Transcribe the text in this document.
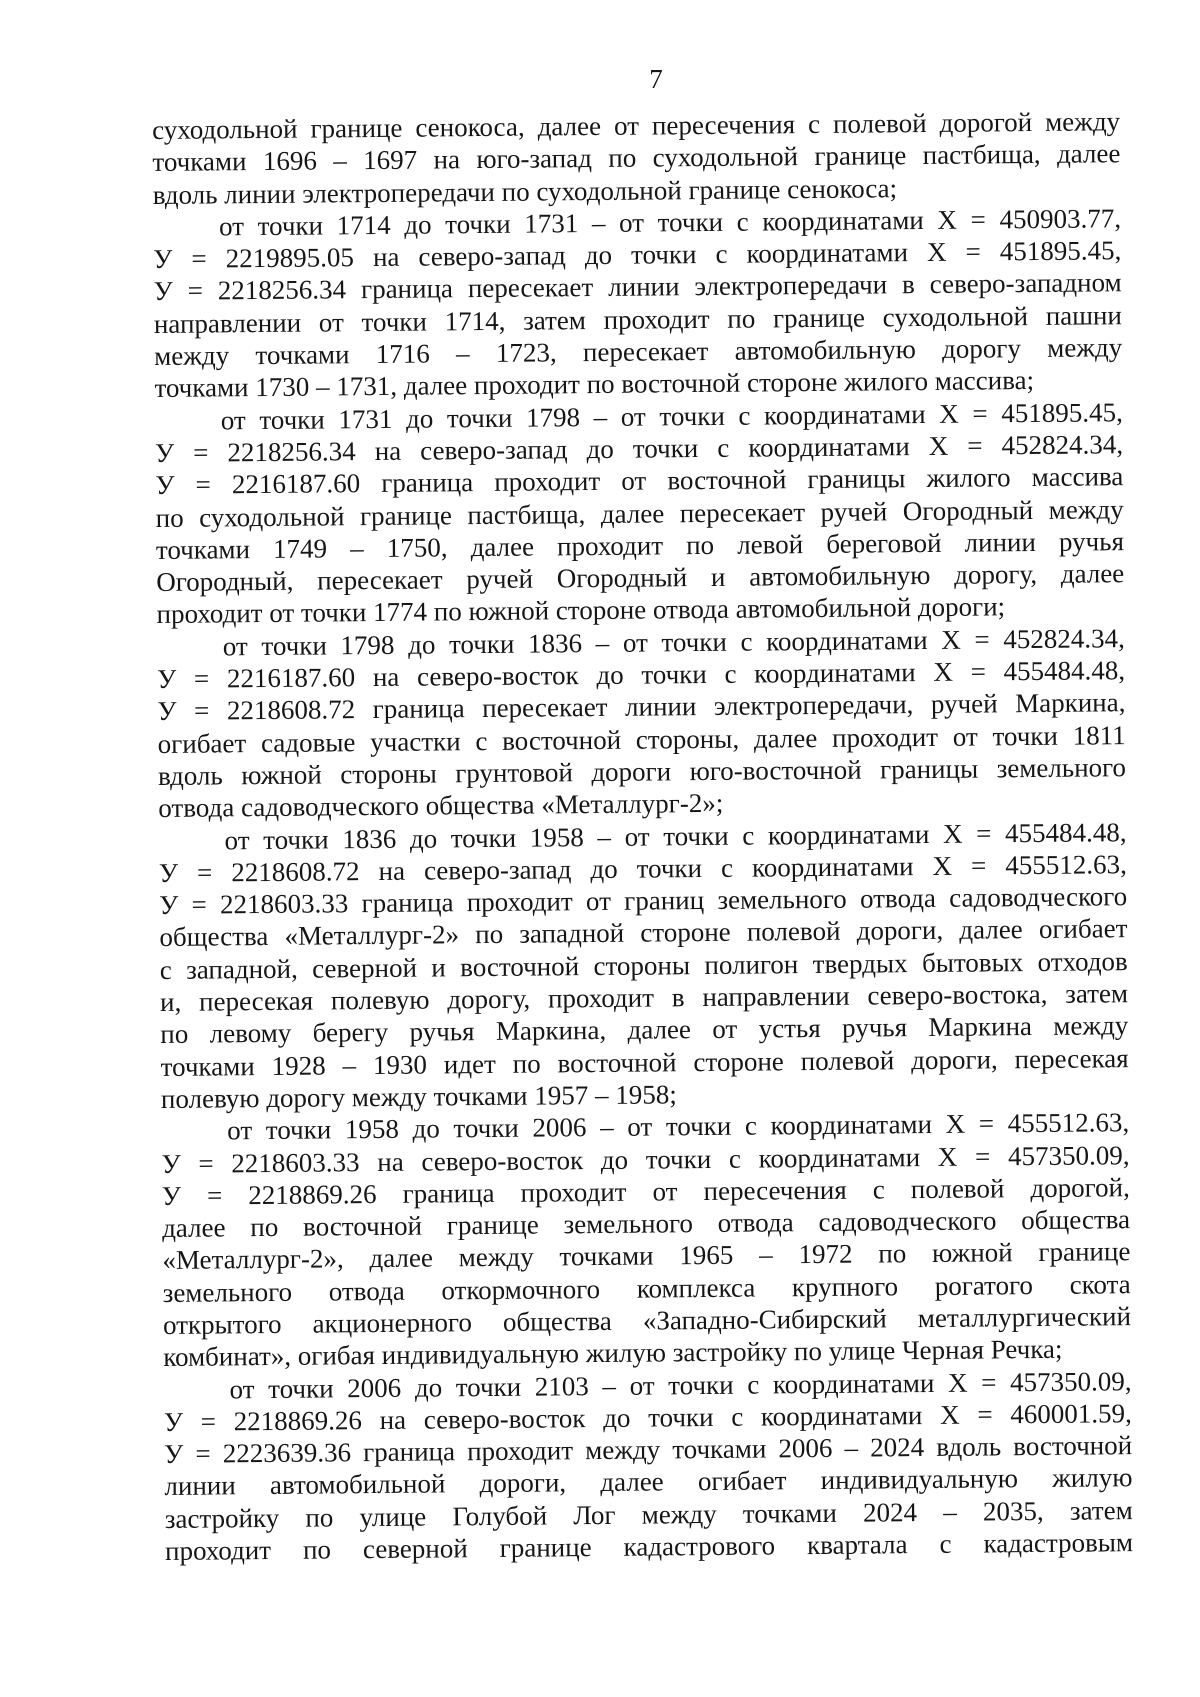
7
суходольной границе сенокоса, далее от пересечения с полевой дорогой между
точками 1696 – 1697 на юго-запад по суходольной границе пастбища, далее
вдоль линии электропередачи по суходольной границе сенокоса;
от точки 1714 до точки 1731 – от точки с координатами Х = 450903.77,
У = 2219895.05 на северо-запад до точки с координатами Х = 451895.45,
У = 2218256.34 граница пересекает линии электропередачи в северо-западном
направлении от точки 1714, затем проходит по границе суходольной пашни
между точками 1716 – 1723, пересекает автомобильную дорогу между
точками 1730 – 1731, далее проходит по восточной стороне жилого массива;
от точки 1731 до точки 1798 – от точки с координатами Х = 451895.45,
У = 2218256.34 на северо-запад до точки с координатами Х = 452824.34,
У = 2216187.60 граница проходит от восточной границы жилого массива
по суходольной границе пастбища, далее пересекает ручей Огородный между
точками 1749 – 1750, далее проходит по левой береговой линии ручья
Огородный, пересекает ручей Огородный и автомобильную дорогу, далее
проходит от точки 1774 по южной стороне отвода автомобильной дороги;
от точки 1798 до точки 1836 – от точки с координатами Х = 452824.34,
У = 2216187.60 на северо-восток до точки с координатами Х = 455484.48,
У = 2218608.72 граница пересекает линии электропередачи, ручей Маркина,
огибает садовые участки с восточной стороны, далее проходит от точки 1811
вдоль южной стороны грунтовой дороги юго-восточной границы земельного
отвода садоводческого общества «Металлург-2»;
от точки 1836 до точки 1958 – от точки с координатами Х = 455484.48,
У = 2218608.72 на северо-запад до точки с координатами Х = 455512.63,
У = 2218603.33 граница проходит от границ земельного отвода садоводческого
общества «Металлург-2» по западной стороне полевой дороги, далее огибает
с западной, северной и восточной стороны полигон твердых бытовых отходов
и, пересекая полевую дорогу, проходит в направлении северо-востока, затем
по левому берегу ручья Маркина, далее от устья ручья Маркина между
точками 1928 – 1930 идет по восточной стороне полевой дороги, пересекая
полевую дорогу между точками 1957 – 1958;
от точки 1958 до точки 2006 – от точки с координатами Х = 455512.63,
У = 2218603.33 на северо-восток до точки с координатами Х = 457350.09,
У = 2218869.26 граница проходит от пересечения с полевой дорогой,
далее по восточной границе земельного отвода садоводческого общества
«Металлург-2», далее между точками 1965 – 1972 по южной границе
земельного отвода откормочного комплекса крупного рогатого скота
открытого акционерного общества «Западно-Сибирский металлургический
комбинат», огибая индивидуальную жилую застройку по улице Черная Речка;
от точки 2006 до точки 2103 – от точки с координатами Х = 457350.09,
У = 2218869.26 на северо-восток до точки с координатами Х = 460001.59,
У = 2223639.36 граница проходит между точками 2006 – 2024 вдоль восточной
линии автомобильной дороги, далее огибает индивидуальную жилую
застройку по улице Голубой Лог между точками 2024 – 2035, затем
проходит по северной границе кадастрового квартала с кадастровым
